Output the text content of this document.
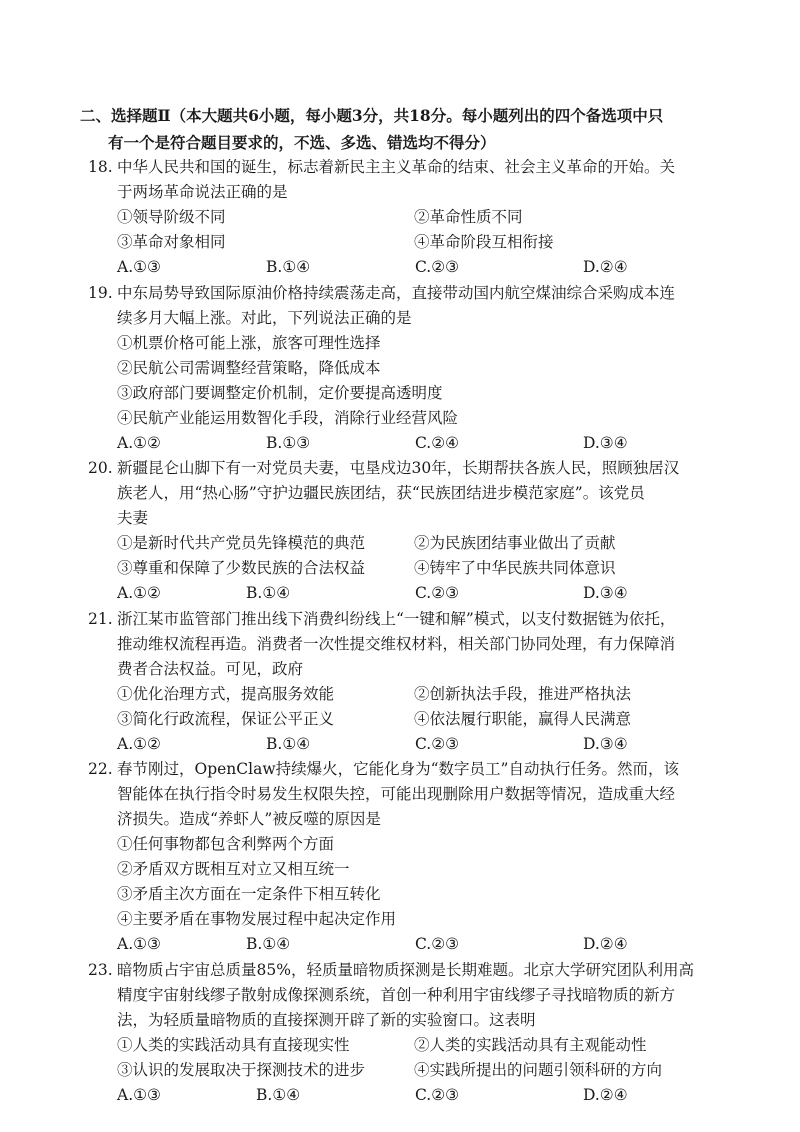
二、选择题Ⅱ（本大题共6小题，每小题3分，共18分。每小题列出的四个备选项中只
有一个是符合题目要求的，不选、多选、错选均不得分）
18. 中华人民共和国的诞生，标志着新民主主义革命的结束、社会主义革命的开始。关
于两场革命说法正确的是
①领导阶级不同	②革命性质不同
③革命对象相同	④革命阶段互相衔接
A.①③	B.①④	C.②③	D.②④
19. 中东局势导致国际原油价格持续震荡走高，直接带动国内航空煤油综合采购成本连
续多月大幅上涨。对此，下列说法正确的是
①机票价格可能上涨，旅客可理性选择
②民航公司需调整经营策略，降低成本
③政府部门要调整定价机制，定价要提高透明度
④民航产业能运用数智化手段，消除行业经营风险
A.①②	B.①③	C.②④	D.③④
20. 新疆昆仑山脚下有一对党员夫妻，屯垦戍边30年，长期帮扶各族人民，照顾独居汉
族老人，用“热心肠”守护边疆民族团结，获“民族团结进步模范家庭”。该党员
夫妻
①是新时代共产党员先锋模范的典范	②为民族团结事业做出了贡献
③尊重和保障了少数民族的合法权益	④铸牢了中华民族共同体意识
A.①②	B.①④	C.②③	D.③④
21. 浙江某市监管部门推出线下消费纠纷线上“一键和解”模式，以支付数据链为依托，
推动维权流程再造。消费者一次性提交维权材料，相关部门协同处理，有力保障消
费者合法权益。可见，政府
①优化治理方式，提高服务效能	②创新执法手段，推进严格执法
③简化行政流程，保证公平正义	④依法履行职能，赢得人民满意
A.①②	B.①④	C.②③	D.③④
22. 春节刚过，OpenClaw持续爆火，它能化身为“数字员工”自动执行任务。然而，该
智能体在执行指令时易发生权限失控，可能出现删除用户数据等情况，造成重大经
济损失。造成“养虾人”被反噬的原因是
①任何事物都包含利弊两个方面
②矛盾双方既相互对立又相互统一
③矛盾主次方面在一定条件下相互转化
④主要矛盾在事物发展过程中起决定作用
A.①③	B.①④	C.②③	D.②④
23. 暗物质占宇宙总质量85%，轻质量暗物质探测是长期难题。北京大学研究团队利用高
精度宇宙射线缪子散射成像探测系统，首创一种利用宇宙线缪子寻找暗物质的新方
法，为轻质量暗物质的直接探测开辟了新的实验窗口。这表明
①人类的实践活动具有直接现实性	②人类的实践活动具有主观能动性
③认识的发展取决于探测技术的进步	④实践所提出的问题引领科研的方向
A.①③	B.①④	C.②③	D.②④
